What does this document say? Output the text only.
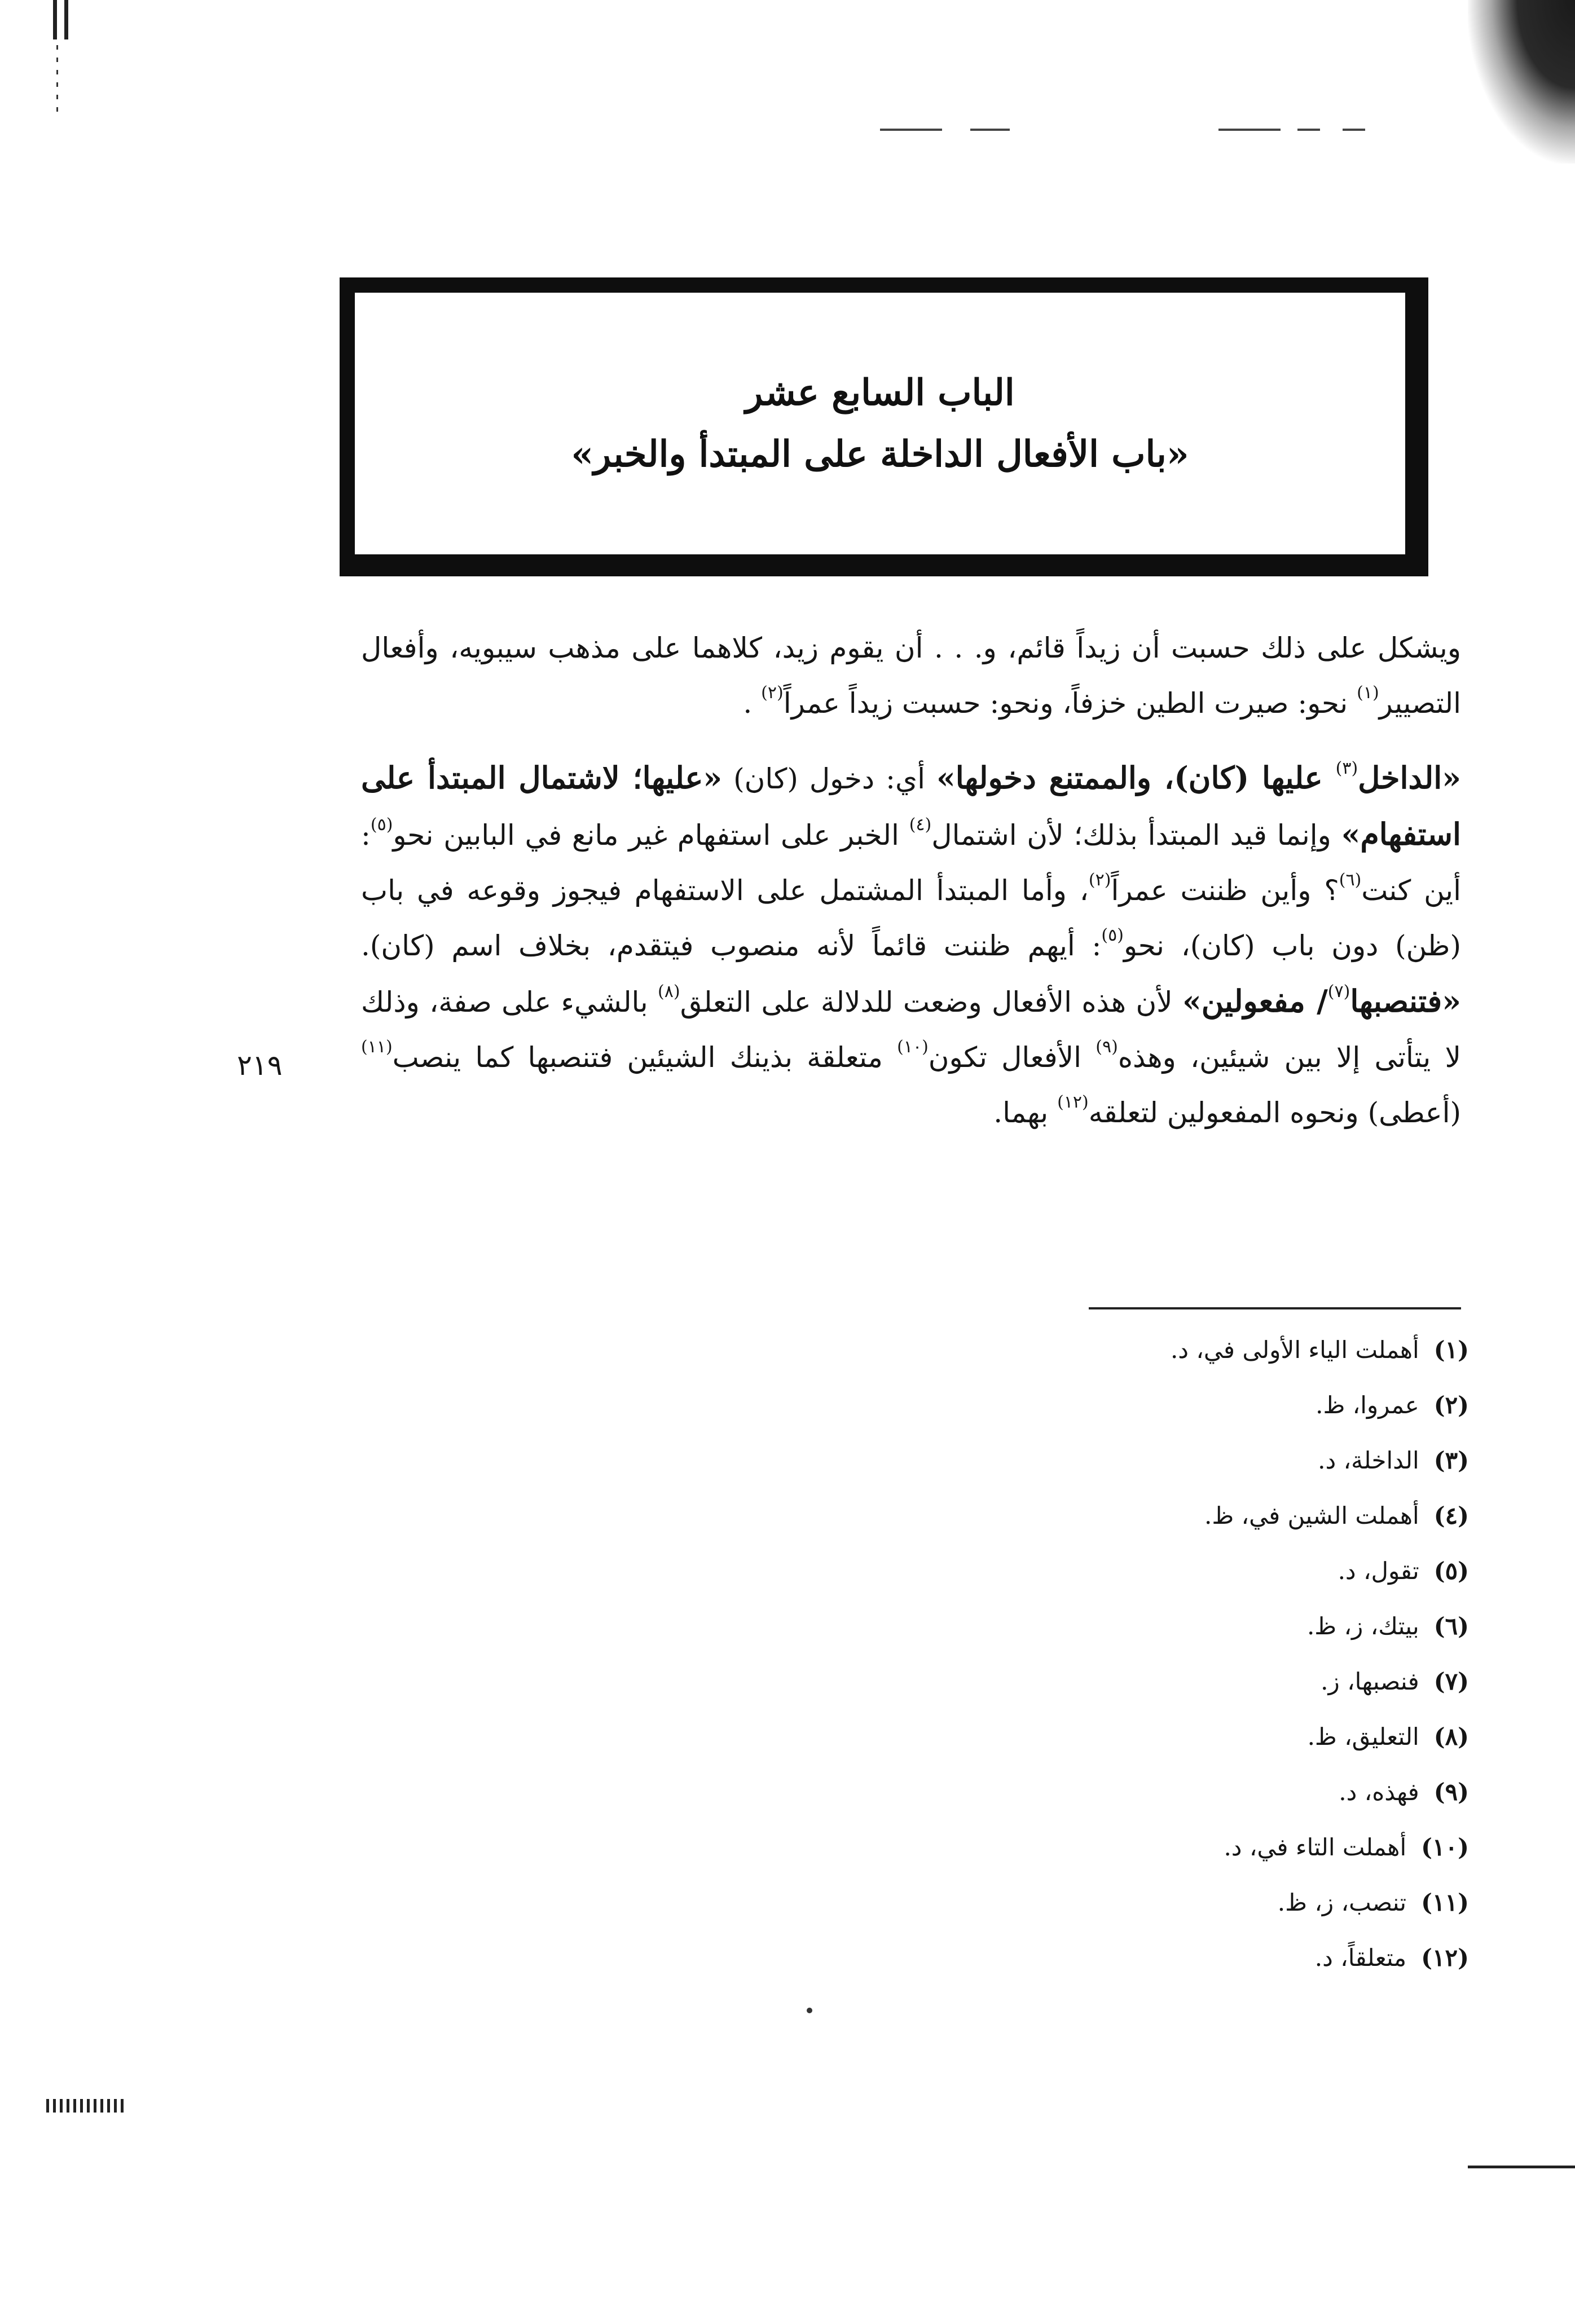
الباب السابع عشر
«باب الأفعال الداخلة على المبتدأ والخبر»

ويشكل على ذلك حسبت أن زيداً قائم، و. . . أن يقوم زيد، كلاهما على مذهب سيبويه، وأفعال التصيير$^{(١)}$ نحو: صيرت الطين خزفاً، ونحو: حسبت زيداً عمراً$^{(٢)}$ .

«الداخل$^{(٣)}$ عليها (كان)، والممتنع دخولها» أي: دخول (كان) «عليها؛ لاشتمال المبتدأ على استفهام» وإنما قيد المبتدأ بذلك؛ لأن اشتمال$^{(٤)}$ الخبر على استفهام غير مانع في البابين نحو$^{(٥)}$: أين كنت$^{(٦)}$؟ وأين ظننت عمراً$^{(٢)}$، وأما المبتدأ المشتمل على الاستفهام فيجوز وقوعه في باب (ظن) دون باب (كان)، نحو$^{(٥)}$: أيهم ظننت قائماً لأنه منصوب فيتقدم، بخلاف اسم (كان). «فتنصبها$^{(٧)}$/ مفعولين» لأن هذه الأفعال وضعت للدلالة على التعلق$^{(٨)}$ بالشيء على صفة، وذلك لا يتأتى إلا بين شيئين، وهذه$^{(٩)}$ الأفعال تكون$^{(١٠)}$ متعلقة بذينك الشيئين فتنصبها كما ينصب$^{(١١)}$ (أعطى) ونحوه المفعولين لتعلقه$^{(١٢)}$ بهما.

٢١٩
(١)أهملت الياء الأولى في، د.
(٢)عمروا، ظ.
(٣)الداخلة، د.
(٤)أهملت الشين في، ظ.
(٥)تقول، د.
(٦)بيتك، ز، ظ.
(٧)فنصبها، ز.
(٨)التعليق، ظ.
(٩)فهذه، د.
(١٠)أهملت التاء في، د.
(١١)تنصب، ز، ظ.
(١٢)متعلقاً، د.
